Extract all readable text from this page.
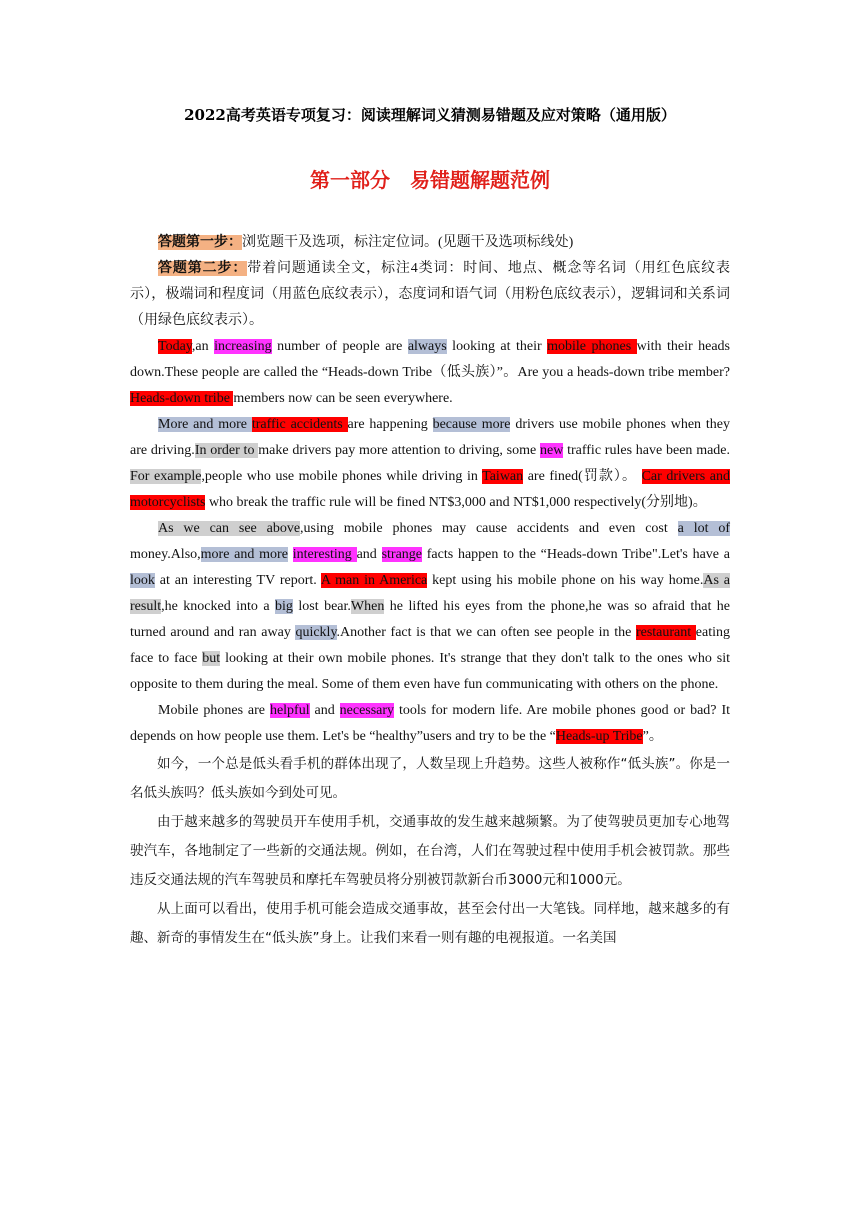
2022高考英语专项复习：阅读理解词义猜测易错题及应对策略（通用版）
第一部分　易错题解题范例

答题第一步：浏览题干及选项，标注定位词。(见题干及选项标线处)

答题第二步：带着问题通读全文，标注4类词：时间、地点、概念等名词（用红色底纹表示），极端词和程度词（用蓝色底纹表示），态度词和语气词（用粉色底纹表示），逻辑词和关系词（用绿色底纹表示）。

Today,an increasing number of people are always looking at their mobile phones with their heads down.These people are called the “Heads-down Tribe（低头族）”。Are you a heads-down tribe member? Heads-down tribe members now can be seen everywhere.

More and more traffic accidents are happening because more drivers use mobile phones when they are driving.In order to make drivers pay more attention to driving, some new traffic rules have been made. For example,people who use mobile phones while driving in Taiwan are fined(罚款）。 Car drivers and motorcyclists who break the traffic rule will be fined NT$3,000 and NT$1,000 respectively(分别地)。

As we can see above,using mobile phones may cause accidents and even cost a lot of money.Also,more and more interesting and strange facts happen to the “Heads-down Tribe".Let's have a look at an interesting TV report. A man in America kept using his mobile phone on his way home.As a result,he knocked into a big lost bear.When he lifted his eyes from the phone,he was so afraid that he turned around and ran away quickly.Another fact is that we can often see people in the restaurant eating face to face but looking at their own mobile phones. It's strange that they don't talk to the ones who sit opposite to them during the meal. Some of them even have fun communicating with others on the phone.

Mobile phones are helpful and necessary tools for modern life. Are mobile phones good or bad? It depends on how people use them. Let's be “healthy”users and try to be the “Heads-up Tribe”。

如今，一个总是低头看手机的群体出现了，人数呈现上升趋势。这些人被称作“低头族”。你是一名低头族吗？低头族如今到处可见。

由于越来越多的驾驶员开车使用手机，交通事故的发生越来越频繁。为了使驾驶员更加专心地驾驶汽车，各地制定了一些新的交通法规。例如，在台湾，人们在驾驶过程中使用手机会被罚款。那些违反交通法规的汽车驾驶员和摩托车驾驶员将分别被罚款新台币3000元和1000元。

从上面可以看出，使用手机可能会造成交通事故，甚至会付出一大笔钱。同样地，越来越多的有趣、新奇的事情发生在“低头族”身上。让我们来看一则有趣的电视报道。一名美国
